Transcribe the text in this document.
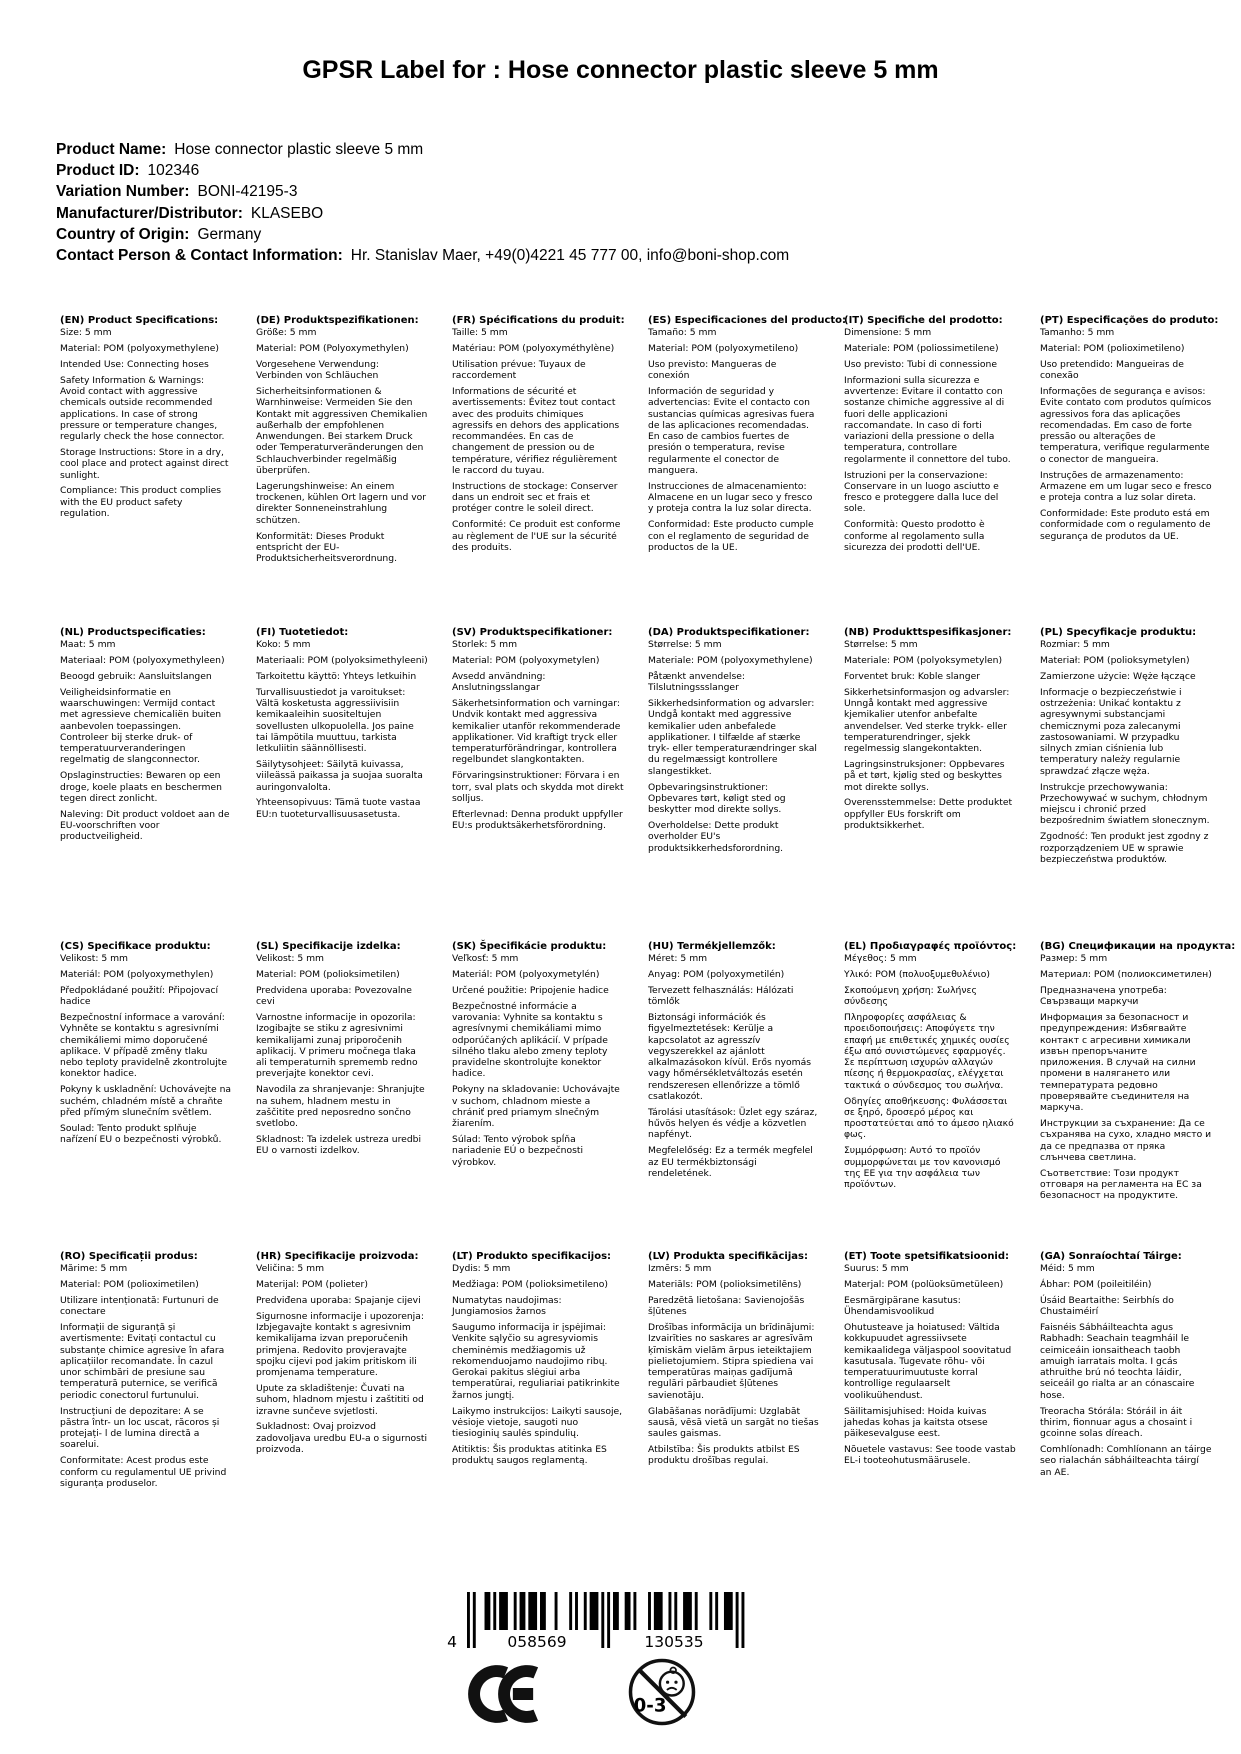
GPSR Label for : Hose connector plastic sleeve 5 mm
Product Name: Hose connector plastic sleeve 5 mm
Product ID: 102346
Variation Number: BONI-42195-3
Manufacturer/Distributor: KLASEBO
Country of Origin: Germany
Contact Person & Contact Information: Hr. Stanislav Maer, +49(0)4221 45 777 00, info@boni-shop.com
(EN) Product Specifications:

Size: 5 mm

Material: POM (polyoxymethylene)

Intended Use: Connecting hoses

Safety Information & Warnings: Avoid contact with aggressive chemicals outside recommended applications. In case of strong pressure or temperature changes, regularly check the hose connector.

Storage Instructions: Store in a dry, cool place and protect against direct sunlight.

Compliance: This product complies with the EU product safety regulation.

(DE) Produktspezifikationen:

Größe: 5 mm

Material: POM (Polyoxymethylen)

Vorgesehene Verwendung: Verbinden von Schläuchen

Sicherheitsinformationen & Warnhinweise: Vermeiden Sie den Kontakt mit aggressiven Chemikalien außerhalb der empfohlenen Anwendungen. Bei starkem Druck oder Temperaturveränderungen den Schlauchverbinder regelmäßig überprüfen.

Lagerungshinweise: An einem trockenen, kühlen Ort lagern und vor direkter Sonneneinstrahlung schützen.

Konformität: Dieses Produkt entspricht der EU-Produktsicherheitsverordnung.

(FR) Spécifications du produit:

Taille: 5 mm

Matériau: POM (polyoxyméthylène)

Utilisation prévue: Tuyaux de raccordement

Informations de sécurité et avertissements: Évitez tout contact avec des produits chimiques agressifs en dehors des applications recommandées. En cas de changement de pression ou de température, vérifiez régulièrement le raccord du tuyau.

Instructions de stockage: Conserver dans un endroit sec et frais et protéger contre le soleil direct.

Conformité: Ce produit est conforme au règlement de l'UE sur la sécurité des produits.

(ES) Especificaciones del producto:

Tamaño: 5 mm

Material: POM (polyoxymetileno)

Uso previsto: Mangueras de conexión

Información de seguridad y advertencias: Evite el contacto con sustancias químicas agresivas fuera de las aplicaciones recomendadas. En caso de cambios fuertes de presión o temperatura, revise regularmente el conector de manguera.

Instrucciones de almacenamiento: Almacene en un lugar seco y fresco y proteja contra la luz solar directa.

Conformidad: Este producto cumple con el reglamento de seguridad de productos de la UE.

(IT) Specifiche del prodotto:

Dimensione: 5 mm

Materiale: POM (poliossimetilene)

Uso previsto: Tubi di connessione

Informazioni sulla sicurezza e avvertenze: Evitare il contatto con sostanze chimiche aggressive al di fuori delle applicazioni raccomandate. In caso di forti variazioni della pressione o della temperatura, controllare regolarmente il connettore del tubo.

Istruzioni per la conservazione: Conservare in un luogo asciutto e fresco e proteggere dalla luce del sole.

Conformità: Questo prodotto è conforme al regolamento sulla sicurezza dei prodotti dell'UE.

(PT) Especificações do produto:

Tamanho: 5 mm

Material: POM (polioximetileno)

Uso pretendido: Mangueiras de conexão

Informações de segurança e avisos: Evite contato com produtos químicos agressivos fora das aplicações recomendadas. Em caso de forte pressão ou alterações de temperatura, verifique regularmente o conector de mangueira.

Instruções de armazenamento: Armazene em um lugar seco e fresco e proteja contra a luz solar direta.

Conformidade: Este produto está em conformidade com o regulamento de segurança de produtos da UE.

(NL) Productspecificaties:

Maat: 5 mm

Materiaal: POM (polyoxymethyleen)

Beoogd gebruik: Aansluitslangen

Veiligheidsinformatie en waarschuwingen: Vermijd contact met agressieve chemicaliën buiten aanbevolen toepassingen. Controleer bij sterke druk- of temperatuurveranderingen regelmatig de slangconnector.

Opslaginstructies: Bewaren op een droge, koele plaats en beschermen tegen direct zonlicht.

Naleving: Dit product voldoet aan de EU-voorschriften voor productveiligheid.

(FI) Tuotetiedot:

Koko: 5 mm

Materiaali: POM (polyoksimethyleeni)

Tarkoitettu käyttö: Yhteys letkuihin

Turvallisuustiedot ja varoitukset: Vältä kosketusta aggressiivisiin kemikaaleihin suositeltujen sovellusten ulkopuolella. Jos paine tai lämpötila muuttuu, tarkista letkuliitin säännöllisesti.

Säilytysohjeet: Säilytä kuivassa, viileässä paikassa ja suojaa suoralta auringonvalolta.

Yhteensopivuus: Tämä tuote vastaa EU:n tuoteturvallisuusasetusta.

(SV) Produktspecifikationer:

Storlek: 5 mm

Material: POM (polyoxymetylen)

Avsedd användning: Anslutningsslangar

Säkerhetsinformation och varningar: Undvik kontakt med aggressiva kemikalier utanför rekommenderade applikationer. Vid kraftigt tryck eller temperaturförändringar, kontrollera regelbundet slangkontakten.

Förvaringsinstruktioner: Förvara i en torr, sval plats och skydda mot direkt solljus.

Efterlevnad: Denna produkt uppfyller EU:s produktsäkerhetsförordning.

(DA) Produktspecifikationer:

Størrelse: 5 mm

Materiale: POM (polyoxymethylene)

Påtænkt anvendelse: Tilslutningssslanger

Sikkerhedsinformation og advarsler: Undgå kontakt med aggressive kemikalier uden anbefalede applikationer. I tilfælde af stærke tryk- eller temperaturændringer skal du regelmæssigt kontrollere slangestikket.

Opbevaringsinstruktioner: Opbevares tørt, køligt sted og beskytter mod direkte sollys.

Overholdelse: Dette produkt overholder EU's produktsikkerhedsforordning.

(NB) Produkttspesifikasjoner:

Størrelse: 5 mm

Materiale: POM (polyoksymetylen)

Forventet bruk: Koble slanger

Sikkerhetsinformasjon og advarsler: Unngå kontakt med aggressive kjemikalier utenfor anbefalte anvendelser. Ved sterke trykk- eller temperaturendringer, sjekk regelmessig slangekontakten.

Lagringsinstruksjoner: Oppbevares på et tørt, kjølig sted og beskyttes mot direkte sollys.

Overensstemmelse: Dette produktet oppfyller EUs forskrift om produktsikkerhet.

(PL) Specyfikacje produktu:

Rozmiar: 5 mm

Materiał: POM (polioksymetylen)

Zamierzone użycie: Węże łączące

Informacje o bezpieczeństwie i ostrzeżenia: Unikać kontaktu z agresywnymi substancjami chemicznymi poza zalecanymi zastosowaniami. W przypadku silnych zmian ciśnienia lub temperatury należy regularnie sprawdzać złącze węża.

Instrukcje przechowywania: Przechowywać w suchym, chłodnym miejscu i chronić przed bezpośrednim światłem słonecznym.

Zgodność: Ten produkt jest zgodny z rozporządzeniem UE w sprawie bezpieczeństwa produktów.

(CS) Specifikace produktu:

Velikost: 5 mm

Materiál: POM (polyoxymethylen)

Předpokládané použití: Připojovací hadice

Bezpečnostní informace a varování: Vyhněte se kontaktu s agresivními chemikáliemi mimo doporučené aplikace. V případě změny tlaku nebo teploty pravidelně zkontrolujte konektor hadice.

Pokyny k uskladnění: Uchovávejte na suchém, chladném místě a chraňte před přímým slunečním světlem.

Soulad: Tento produkt splňuje nařízení EU o bezpečnosti výrobků.

(SL) Specifikacije izdelka:

Velikost: 5 mm

Material: POM (polioksimetilen)

Predvidena uporaba: Povezovalne cevi

Varnostne informacije in opozorila: Izogibajte se stiku z agresivnimi kemikalijami zunaj priporočenih aplikacij. V primeru močnega tlaka ali temperaturnih sprememb redno preverjajte konektor cevi.

Navodila za shranjevanje: Shranjujte na suhem, hladnem mestu in zaščitite pred neposredno sončno svetlobo.

Skladnost: Ta izdelek ustreza uredbi EU o varnosti izdelkov.

(SK) Špecifikácie produktu:

Veľkosť: 5 mm

Materiál: POM (polyoxymetylén)

Určené použitie: Pripojenie hadice

Bezpečnostné informácie a varovania: Vyhnite sa kontaktu s agresívnymi chemikáliami mimo odporúčaných aplikácií. V prípade silného tlaku alebo zmeny teploty pravidelne skontrolujte konektor hadice.

Pokyny na skladovanie: Uchovávajte v suchom, chladnom mieste a chrániť pred priamym slnečným žiarením.

Súlad: Tento výrobok spĺňa nariadenie EÚ o bezpečnosti výrobkov.

(HU) Termékjellemzők:

Méret: 5 mm

Anyag: POM (polyoxymetilén)

Tervezett felhasználás: Hálózati tömlők

Biztonsági információk és figyelmeztetések: Kerülje a kapcsolatot az agresszív vegyszerekkel az ajánlott alkalmazásokon kívül. Erős nyomás vagy hőmérsékletváltozás esetén rendszeresen ellenőrizze a tömlő csatlakozót.

Tárolási utasítások: Üzlet egy száraz, hűvös helyen és védje a közvetlen napfényt.

Megfelelőség: Ez a termék megfelel az EU termékbiztonsági rendeletének.

(EL) Προδιαγραφές προϊόντος:

Μέγεθος: 5 mm

Υλικό: POM (πολυοξυμεθυλένιο)

Σκοπούμενη χρήση: Σωλήνες σύνδεσης

Πληροφορίες ασφάλειας & προειδοποιήσεις: Αποφύγετε την επαφή με επιθετικές χημικές ουσίες έξω από συνιστώμενες εφαρμογές. Σε περίπτωση ισχυρών αλλαγών πίεσης ή θερμοκρασίας, ελέγχεται τακτικά ο σύνδεσμος του σωλήνα.

Οδηγίες αποθήκευσης: Φυλάσσεται σε ξηρό, δροσερό μέρος και προστατεύεται από το άμεσο ηλιακό φως.

Συμμόρφωση: Αυτό το προϊόν συμμορφώνεται με τον κανονισμό της ΕΕ για την ασφάλεια των προϊόντων.

(BG) Спецификации на продукта:

Размер: 5 mm

Материал: POM (полиоксиметилен)

Предназначена употреба: Свързващи маркучи

Информация за безопасност и предупреждения: Избягвайте контакт с агресивни химикали извън препоръчаните приложения. В случай на силни промени в налягането или температурата редовно проверявайте съединителя на маркуча.

Инструкции за съхранение: Да се съхранява на сухо, хладно място и да се предпазва от пряка слънчева светлина.

Съответствие: Този продукт отговаря на регламента на ЕС за безопасност на продуктите.

(RO) Specificații produs:

Mărime: 5 mm

Material: POM (polioximetilen)

Utilizare intenționată: Furtunuri de conectare

Informații de siguranță și avertismente: Evitați contactul cu substanțe chimice agresive în afara aplicațiilor recomandate. În cazul unor schimbări de presiune sau temperatură puternice, se verifică periodic conectorul furtunului.

Instrucțiuni de depozitare: A se păstra într- un loc uscat, răcoros și protejați- l de lumina directă a soarelui.

Conformitate: Acest produs este conform cu regulamentul UE privind siguranța produselor.

(HR) Specifikacije proizvoda:

Veličina: 5 mm

Materijal: POM (polieter)

Predviđena uporaba: Spajanje cijevi

Sigurnosne informacije i upozorenja: Izbjegavajte kontakt s agresivnim kemikalijama izvan preporučenih primjena. Redovito provjeravajte spojku cijevi pod jakim pritiskom ili promjenama temperature.

Upute za skladištenje: Čuvati na suhom, hladnom mjestu i zaštititi od izravne sunčeve svjetlosti.

Sukladnost: Ovaj proizvod zadovoljava uredbu EU-a o sigurnosti proizvoda.

(LT) Produkto specifikacijos:

Dydis: 5 mm

Medžiaga: POM (polioksimetileno)

Numatytas naudojimas: Jungiamosios žarnos

Saugumo informacija ir įspėjimai: Venkite sąlyčio su agresyviomis cheminėmis medžiagomis už rekomenduojamo naudojimo ribų. Gerokai pakitus slėgiui arba temperatūrai, reguliariai patikrinkite žarnos jungtį.

Laikymo instrukcijos: Laikyti sausoje, vėsioje vietoje, saugoti nuo tiesioginių saulės spindulių.

Atitiktis: Šis produktas atitinka ES produktų saugos reglamentą.

(LV) Produkta specifikācijas:

Izmērs: 5 mm

Materiāls: POM (polioksimetilēns)

Paredzētā lietošana: Savienojošās šļūtenes

Drošības informācija un brīdinājumi: Izvairīties no saskares ar agresīvām ķīmiskām vielām ārpus ieteiktajiem pielietojumiem. Stipra spiediena vai temperatūras maiņas gadījumā regulāri pārbaudiet šļūtenes savienotāju.

Glabāšanas norādījumi: Uzglabāt sausā, vēsā vietā un sargāt no tiešas saules gaismas.

Atbilstība: Šis produkts atbilst ES produktu drošības regulai.

(ET) Toote spetsifikatsioonid:

Suurus: 5 mm

Materjal: POM (polüoksümetüleen)

Eesmärgipärane kasutus: Ühendamisvoolikud

Ohutusteave ja hoiatused: Vältida kokkupuudet agressiivsete kemikaalidega väljaspool soovitatud kasutusala. Tugevate rõhu- või temperatuurimuutuste korral kontrollige regulaarselt voolikuühendust.

Säilitamisjuhised: Hoida kuivas jahedas kohas ja kaitsta otsese päikesevalguse eest.

Nõuetele vastavus: See toode vastab EL-i tooteohutusmäärusele.

(GA) Sonraíochtaí Táirge:

Méid: 5 mm

Ábhar: POM (poileitiléin)

Úsáid Beartaithe: Seirbhís do Chustaiméirí

Faisnéis Sábháilteachta agus Rabhadh: Seachain teagmháil le ceimiceáin ionsaitheach taobh amuigh iarratais molta. I gcás athruithe brú nó teochta láidir, seiceáil go rialta ar an cónascaire hose.

Treoracha Stórála: Stóráil in áit thirim, fionnuar agus a chosaint i gcoinne solas díreach.

Comhlíonadh: Comhlíonann an táirge seo rialachán sábháilteachta táirgí an AE.

4	058569	130535
0-3
